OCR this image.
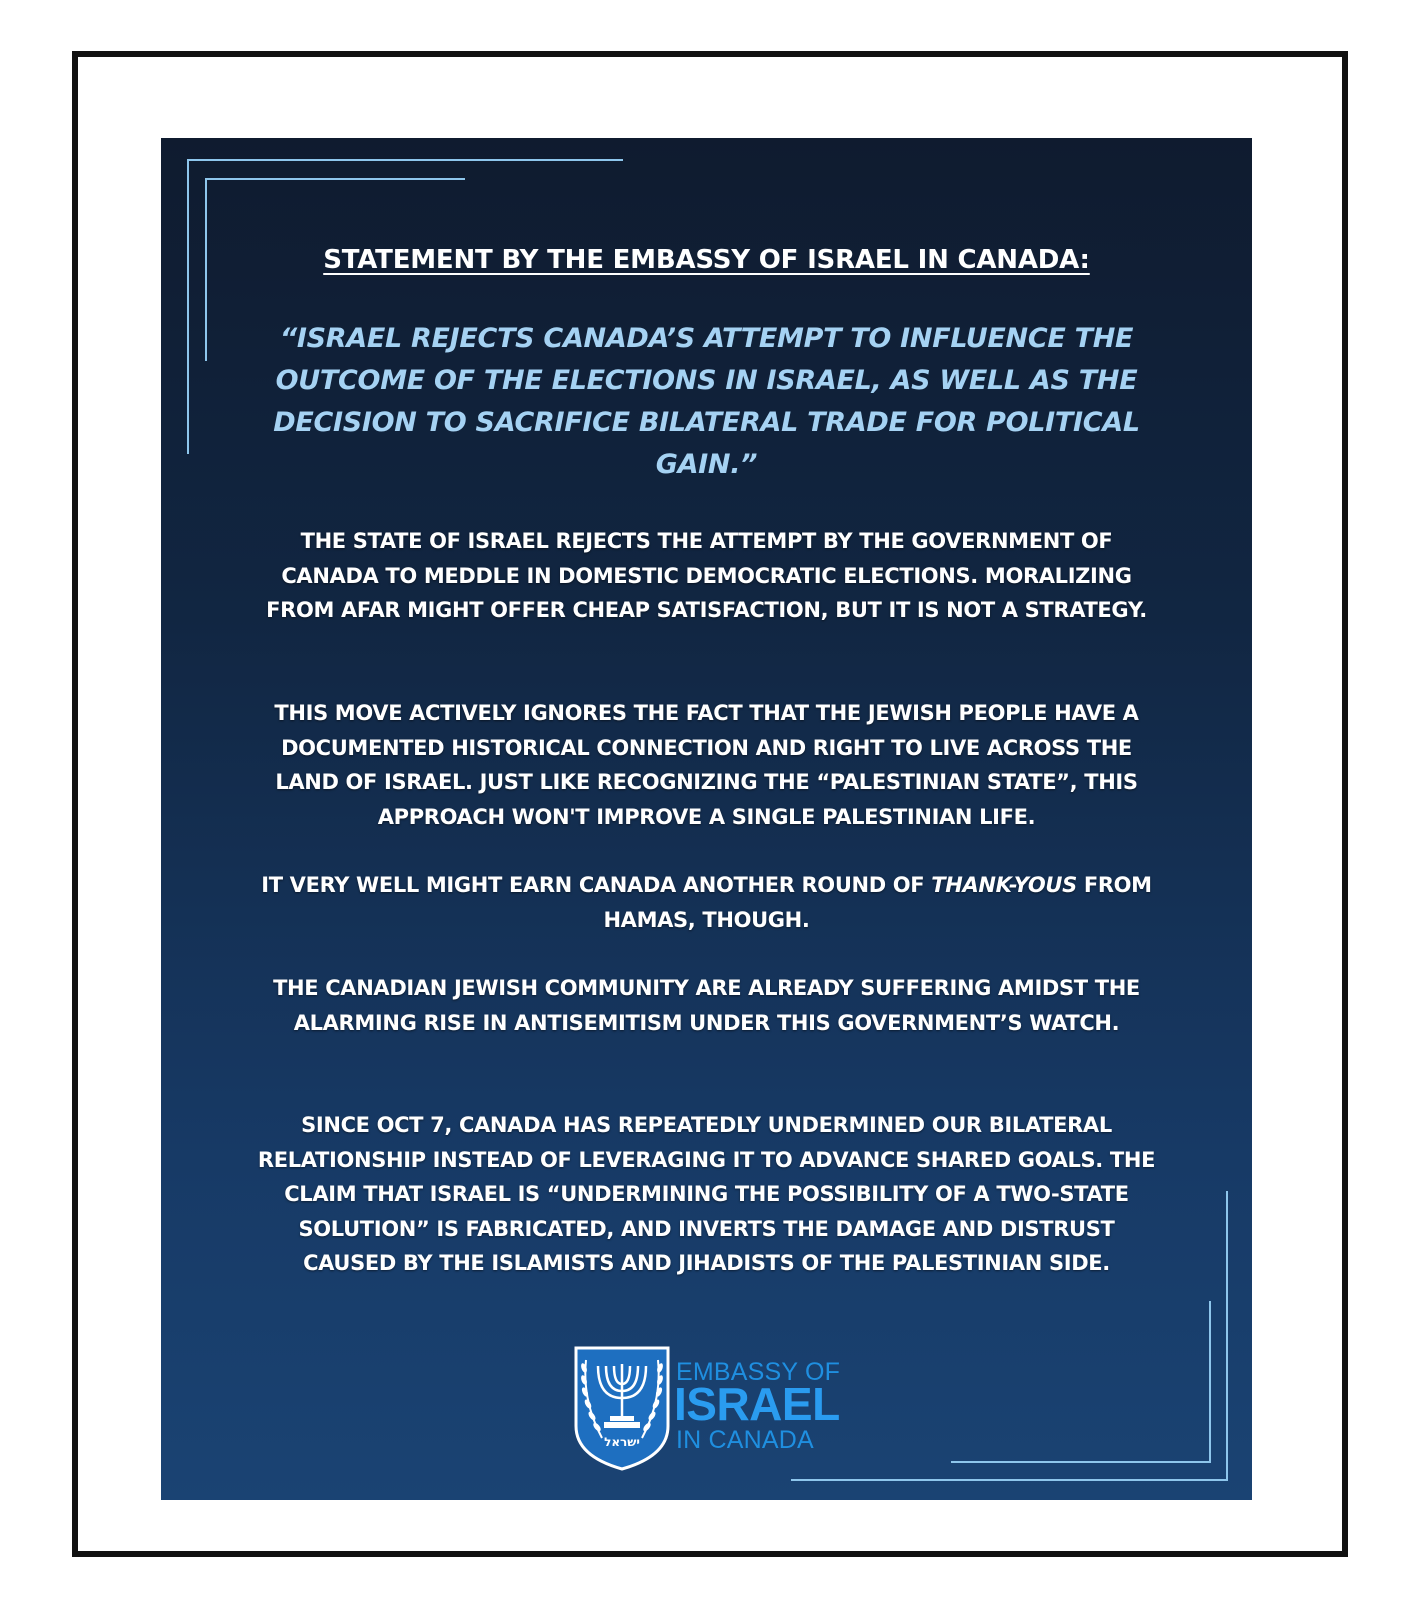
STATEMENT BY THE EMBASSY OF ISRAEL IN CANADA:
“ISRAEL REJECTS CANADA’S ATTEMPT TO INFLUENCE THE OUTCOME OF THE ELECTIONS IN ISRAEL, AS WELL AS THE DECISION TO SACRIFICE BILATERAL TRADE FOR POLITICAL GAIN.”
THE STATE OF ISRAEL REJECTS THE ATTEMPT BY THE GOVERNMENT OF CANADA TO MEDDLE IN DOMESTIC DEMOCRATIC ELECTIONS. MORALIZING FROM AFAR MIGHT OFFER CHEAP SATISFACTION, BUT IT IS NOT A STRATEGY.
THIS MOVE ACTIVELY IGNORES THE FACT THAT THE JEWISH PEOPLE HAVE A DOCUMENTED HISTORICAL CONNECTION AND RIGHT TO LIVE ACROSS THE LAND OF ISRAEL. JUST LIKE RECOGNIZING THE “PALESTINIAN STATE”, THIS APPROACH WON'T IMPROVE A SINGLE PALESTINIAN LIFE.
IT VERY WELL MIGHT EARN CANADA ANOTHER ROUND OF THANK-YOUS FROM HAMAS, THOUGH.
THE CANADIAN JEWISH COMMUNITY ARE ALREADY SUFFERING AMIDST THE ALARMING RISE IN ANTISEMITISM UNDER THIS GOVERNMENT’S WATCH.
SINCE OCT 7, CANADA HAS REPEATEDLY UNDERMINED OUR BILATERAL RELATIONSHIP INSTEAD OF LEVERAGING IT TO ADVANCE SHARED GOALS. THE CLAIM THAT ISRAEL IS “UNDERMINING THE POSSIBILITY OF A TWO-STATE SOLUTION” IS FABRICATED, AND INVERTS THE DAMAGE AND DISTRUST CAUSED BY THE ISLAMISTS AND JIHADISTS OF THE PALESTINIAN SIDE.
ישראל
EMBASSY OF
ISRAEL
IN CANADA
